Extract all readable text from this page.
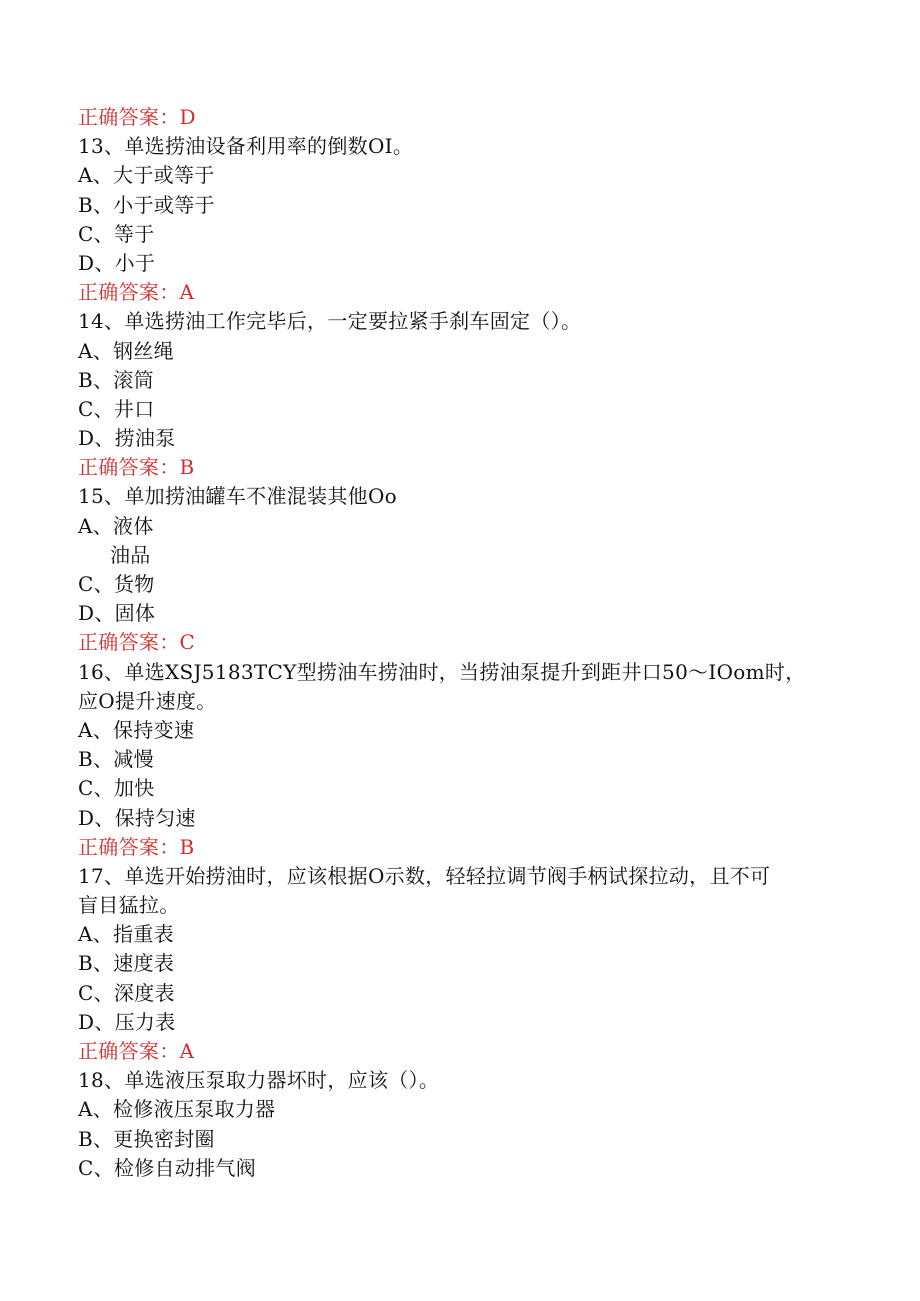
正确答案：D
13、单选捞油设备利用率的倒数OI。
A、大于或等于
B、小于或等于
C、等于
D、小于
正确答案：A
14、单选捞油工作完毕后，一定要拉紧手刹车固定（）。
A、钢丝绳
B、滚筒
C、井口
D、捞油泵
正确答案：B
15、单加捞油罐车不准混装其他Oo
A、液体
油品
C、货物
D、固体
正确答案：C
16、单选XSJ5183TCY型捞油车捞油时，当捞油泵提升到距井口50～IOom时，
应O提升速度。
A、保持变速
B、减慢
C、加快
D、保持匀速
正确答案：B
17、单选开始捞油时，应该根据O示数，轻轻拉调节阀手柄试探拉动，且不可
盲目猛拉。
A、指重表
B、速度表
C、深度表
D、压力表
正确答案：A
18、单选液压泵取力器坏时，应该（）。
A、检修液压泵取力器
B、更换密封圈
C、检修自动排气阀
